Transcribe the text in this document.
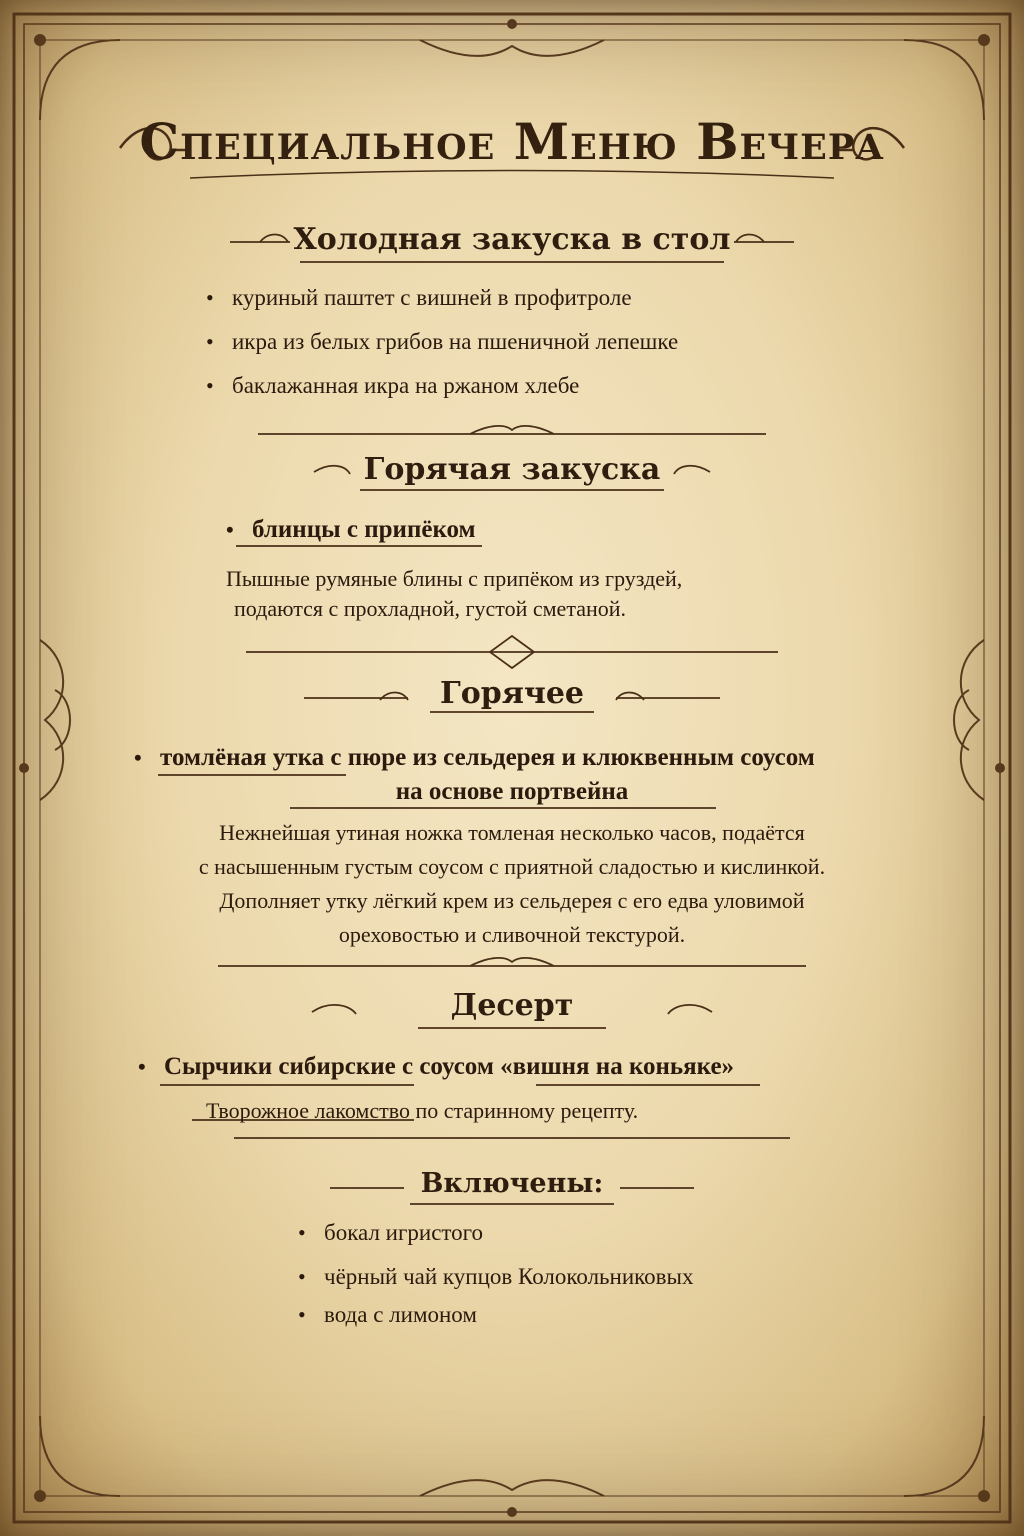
Специальное Меню Вечера
Холодная закуска в стол
• куриный паштет с вишней в профитроле
• икра из белых грибов на пшеничной лепешке
• баклажанная икра на ржаном хлебе
Горячая закуска
• блинцы с припёком
Пышные румяные блины с припёком из груздей,
подаются с прохладной, густой сметаной.
Горячее
• томлёная утка с пюре из сельдерея и клюквенным соусом
на основе портвейна
Нежнейшая утиная ножка томленая несколько часов, подаётся
с насышенным густым соусом с приятной сладостью и кислинкой.
Дополняет утку лёгкий крем из сельдерея с его едва уловимой
ореховостью и сливочной текстурой.
Десерт
• Сырчики сибирские с соусом «вишня на коньяке»
Творожное лакомство по старинному рецепту.
Включены:
• бокал игристого
• чёрный чай купцов Колокольниковых
• вода с лимоном
